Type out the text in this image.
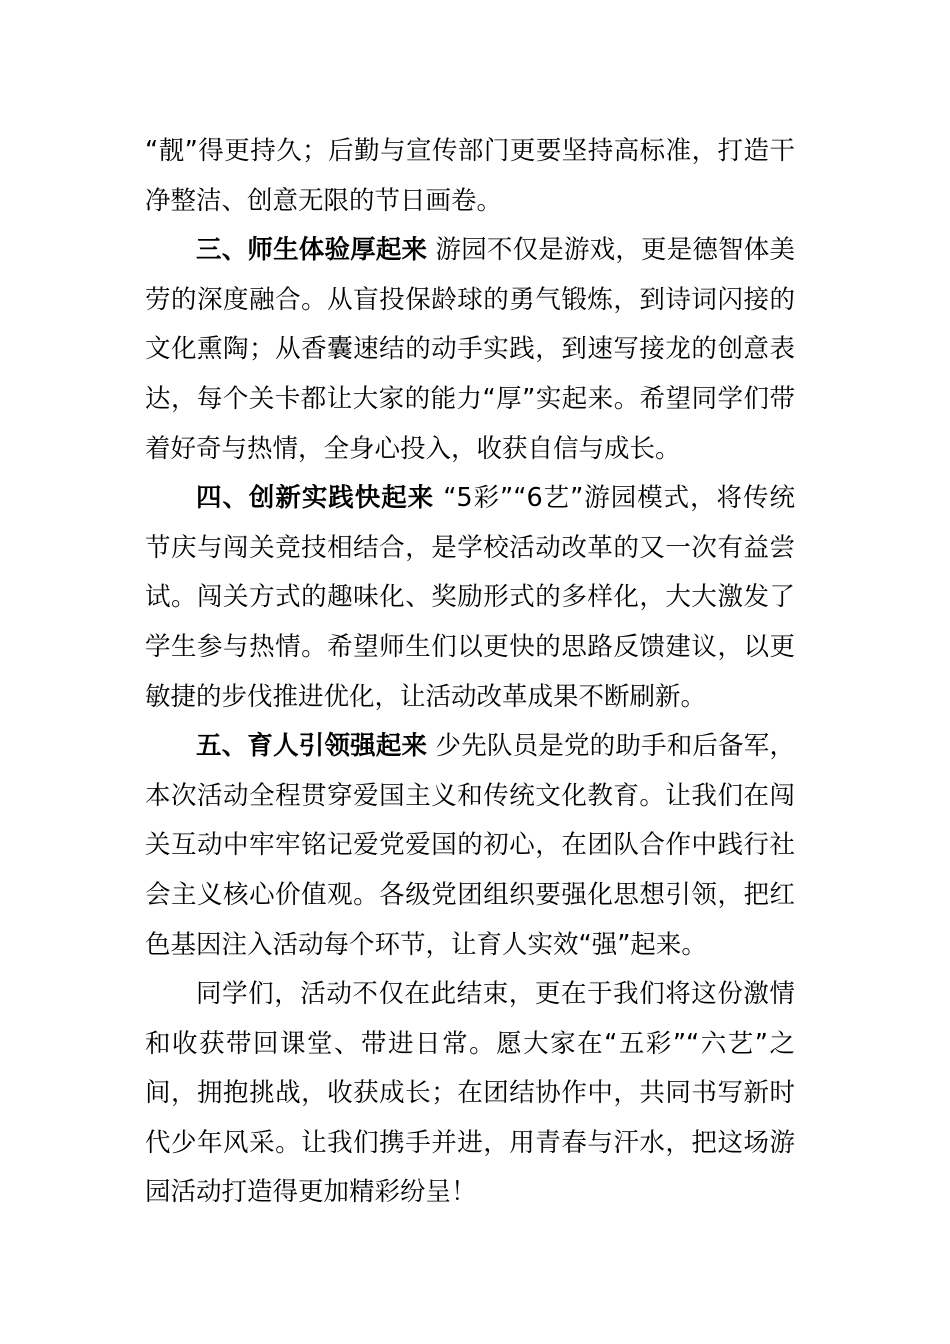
“靓”得更持久；后勤与宣传部门更要坚持高标准，打造干净整洁、创意无限的节日画卷。

三、师生体验厚起来 游园不仅是游戏，更是德智体美劳的深度融合。从盲投保龄球的勇气锻炼，到诗词闪接的文化熏陶；从香囊速结的动手实践，到速写接龙的创意表达，每个关卡都让大家的能力“厚”实起来。希望同学们带着好奇与热情，全身心投入，收获自信与成长。

四、创新实践快起来 “5彩”“6艺”游园模式，将传统节庆与闯关竞技相结合，是学校活动改革的又一次有益尝试。闯关方式的趣味化、奖励形式的多样化，大大激发了学生参与热情。希望师生们以更快的思路反馈建议，以更敏捷的步伐推进优化，让活动改革成果不断刷新。

五、育人引领强起来 少先队员是党的助手和后备军，本次活动全程贯穿爱国主义和传统文化教育。让我们在闯关互动中牢牢铭记爱党爱国的初心，在团队合作中践行社会主义核心价值观。各级党团组织要强化思想引领，把红色基因注入活动每个环节，让育人实效“强”起来。

同学们，活动不仅在此结束，更在于我们将这份激情和收获带回课堂、带进日常。愿大家在“五彩”“六艺”之间，拥抱挑战，收获成长；在团结协作中，共同书写新时代少年风采。让我们携手并进，用青春与汗水，把这场游园活动打造得更加精彩纷呈！
